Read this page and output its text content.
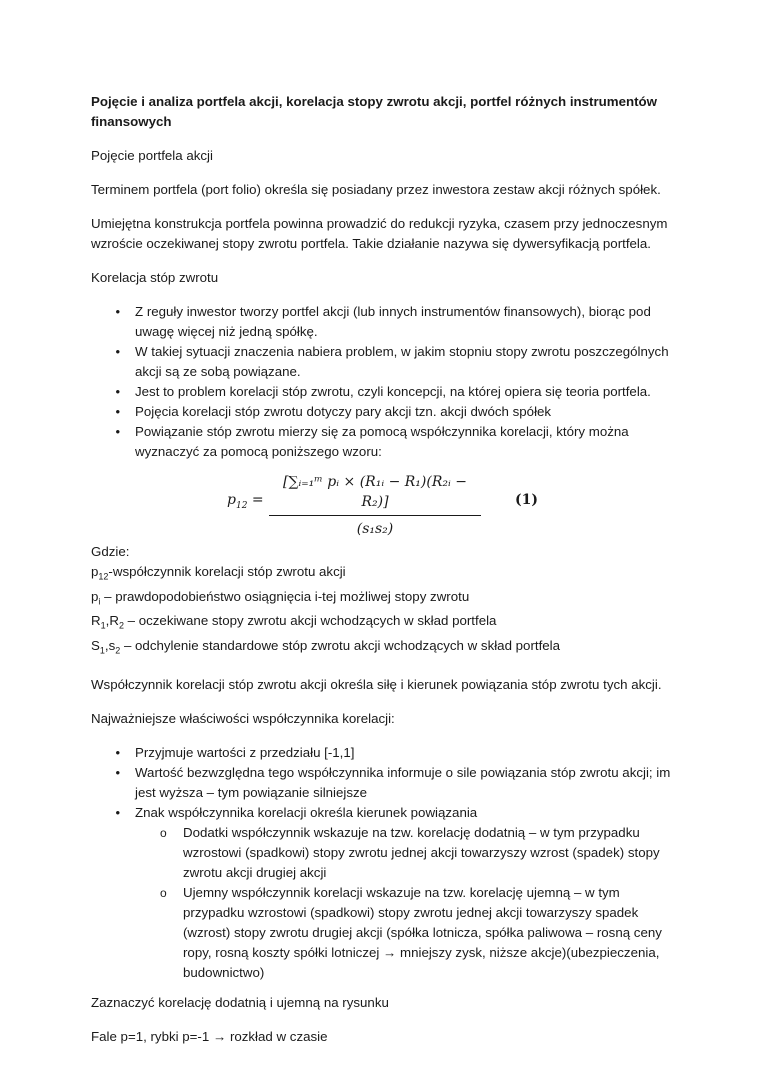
Pojęcie i analiza portfela akcji, korelacja stopy zwrotu akcji, portfel różnych instrumentów finansowych

Pojęcie portfela akcji

Terminem portfela (port folio) określa się posiadany przez inwestora zestaw akcji różnych spółek.

Umiejętna konstrukcja portfela powinna prowadzić do redukcji ryzyka, czasem przy jednoczesnym wzroście oczekiwanej stopy zwrotu portfela. Takie działanie nazywa się dywersyfikacją portfela.

Korelacja stóp zwrotu

• Z reguły inwestor tworzy portfel akcji (lub innych instrumentów finansowych), biorąc pod uwagę więcej niż jedną spółkę.
• W takiej sytuacji znaczenia nabiera problem, w jakim stopniu stopy zwrotu poszczególnych akcji są ze sobą powiązane.
• Jest to problem korelacji stóp zwrotu, czyli koncepcji, na której opiera się teoria portfela.
• Pojęcia korelacji stóp zwrotu dotyczy pary akcji tzn. akcji dwóch spółek
• Powiązanie stóp zwrotu mierzy się za pomocą współczynnika korelacji, który można wyznaczyć za pomocą poniższego wzoru:
$p_{12} = \frac{\text{[∑ᵢ₌₁ᵐ pᵢ × (R₁ᵢ − R₁)(R₂ᵢ − R₂)]}}{\text{(s₁s₂)}} (1)$
Gdzie:
$p_{12}$-współczynnik korelacji stóp zwrotu akcji
$p_i$ – prawdopodobieństwo osiągnięcia i-tej możliwej stopy zwrotu
$R_1,R_2$ – oczekiwane stopy zwrotu akcji wchodzących w skład portfela
$S_1,s_2$ – odchylenie standardowe stóp zwrotu akcji wchodzących w skład portfela

Współczynnik korelacji stóp zwrotu akcji określa siłę i kierunek powiązania stóp zwrotu tych akcji.

Najważniejsze właściwości współczynnika korelacji:

• Przyjmuje wartości z przedziału [-1,1]
• Wartość bezwzględna tego współczynnika informuje o sile powiązania stóp zwrotu akcji; im jest wyższa – tym powiązanie silniejsze
• Znak współczynnika korelacji określa kierunek powiązania
o Dodatki współczynnik wskazuje na tzw. korelację dodatnią – w tym przypadku wzrostowi (spadkowi) stopy zwrotu jednej akcji towarzyszy wzrost (spadek) stopy zwrotu akcji drugiej akcji
o Ujemny współczynnik korelacji wskazuje na tzw. korelację ujemną – w tym przypadku wzrostowi (spadkowi) stopy zwrotu jednej akcji towarzyszy spadek (wzrost) stopy zwrotu drugiej akcji (spółka lotnicza, spółka paliwowa – rosną ceny ropy, rosną koszty spółki lotniczej → mniejszy zysk, niższe akcje)(ubezpieczenia, budownictwo)

Zaznaczyć korelację dodatnią i ujemną na rysunku

Fale p=1, rybki p=-1 → rozkład w czasie
